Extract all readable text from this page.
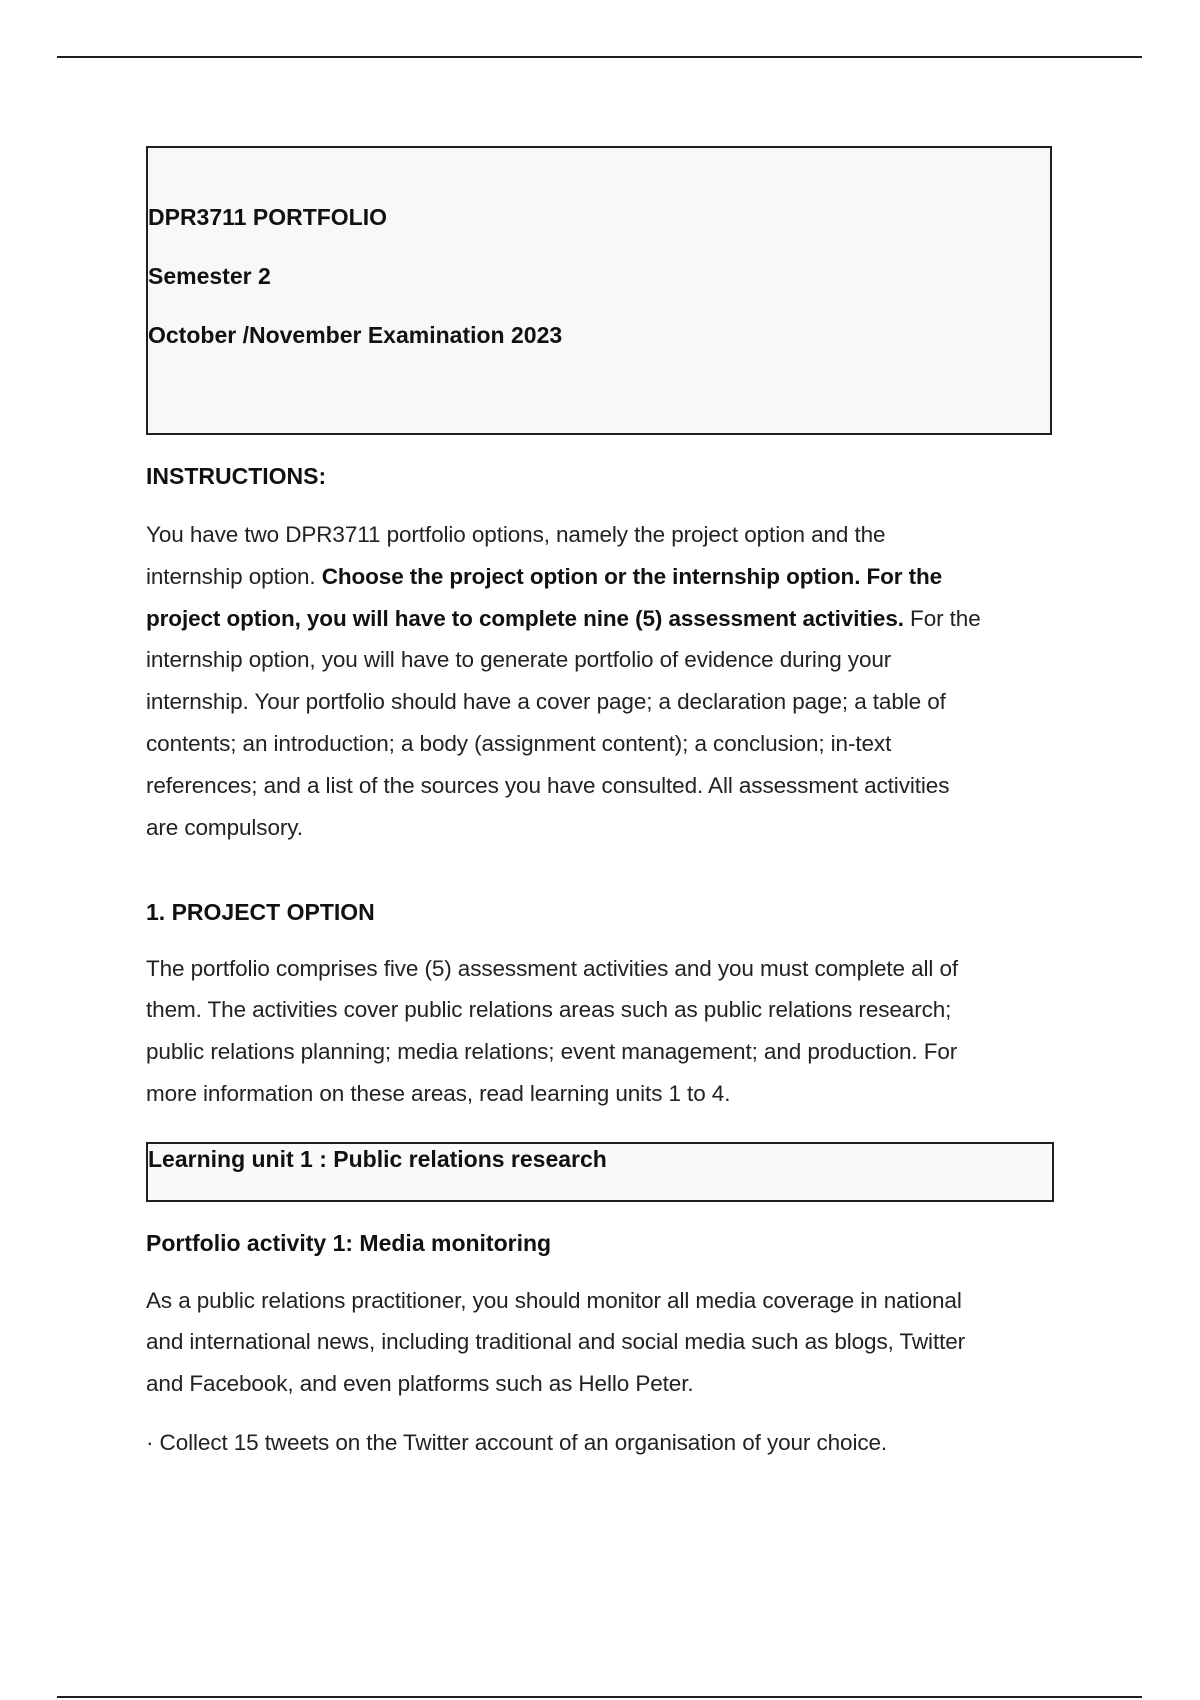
DPR3711 PORTFOLIO
Semester 2
October /November Examination 2023
INSTRUCTIONS:
You have two DPR3711 portfolio options, namely the project option and the
internship option. Choose the project option or the internship option. For the
project option, you will have to complete nine (5) assessment activities. For the
internship option, you will have to generate portfolio of evidence during your
internship. Your portfolio should have a cover page; a declaration page; a table of
contents; an introduction; a body (assignment content); a conclusion; in-text
references; and a list of the sources you have consulted. All assessment activities
are compulsory.
1. PROJECT OPTION
The portfolio comprises five (5) assessment activities and you must complete all of
them. The activities cover public relations areas such as public relations research;
public relations planning; media relations; event management; and production. For
more information on these areas, read learning units 1 to 4.
Learning unit 1 : Public relations research
Portfolio activity 1: Media monitoring
As a public relations practitioner, you should monitor all media coverage in national
and international news, including traditional and social media such as blogs, Twitter
and Facebook, and even platforms such as Hello Peter.
· Collect 15 tweets on the Twitter account of an organisation of your choice.
